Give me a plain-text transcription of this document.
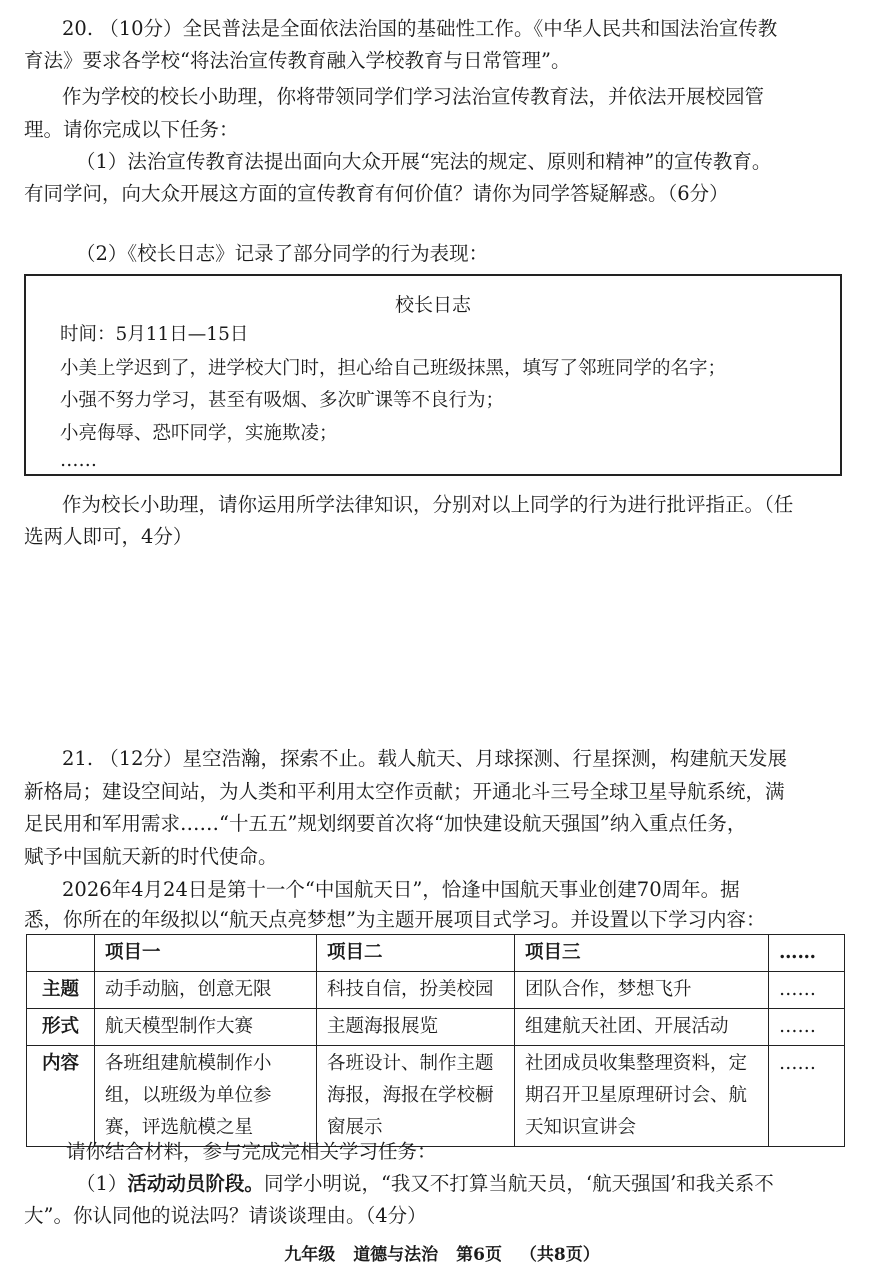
20. （10分）全民普法是全面依法治国的基础性工作。《中华人民共和国法治宣传教
育法》要求各学校“将法治宣传教育融入学校教育与日常管理”。
作为学校的校长小助理，你将带领同学们学习法治宣传教育法，并依法开展校园管
理。请你完成以下任务：
（1）法治宣传教育法提出面向大众开展“宪法的规定、原则和精神”的宣传教育。
有同学问，向大众开展这方面的宣传教育有何价值？请你为同学答疑解惑。（6分）
（2）《校长日志》记录了部分同学的行为表现：
校长日志
时间：5月11日—15日
小美上学迟到了，进学校大门时，担心给自己班级抹黑，填写了邻班同学的名字；
小强不努力学习，甚至有吸烟、多次旷课等不良行为；
小亮侮辱、恐吓同学，实施欺凌；
……
作为校长小助理，请你运用所学法律知识，分别对以上同学的行为进行批评指正。（任
选两人即可，4分）
21. （12分）星空浩瀚，探索不止。载人航天、月球探测、行星探测，构建航天发展
新格局；建设空间站，为人类和平利用太空作贡献；开通北斗三号全球卫星导航系统，满
足民用和军用需求……“十五五”规划纲要首次将“加快建设航天强国”纳入重点任务，
赋予中国航天新的时代使命。
2026年4月24日是第十一个“中国航天日”，恰逢中国航天事业创建70周年。据
悉，你所在的年级拟以“航天点亮梦想”为主题开展项目式学习。并设置以下学习内容：
	项目一	项目二	项目三	……
主题	动手动脑，创意无限	科技自信，扮美校园	团队合作，梦想飞升	……
形式	航天模型制作大赛	主题海报展览	组建航天社团、开展活动	……
内容	各班组建航模制作小组，以班级为单位参赛，评选航模之星	各班设计、制作主题海报，海报在学校橱窗展示	社团成员收集整理资料，定期召开卫星原理研讨会、航天知识宣讲会	……
请你结合材料，参与完成完相关学习任务：
（1）活动动员阶段。同学小明说，“我又不打算当航天员，‘航天强国’和我关系不
大”。你认同他的说法吗？请谈谈理由。（4分）
九年级 道德与法治 第6页 （共8页）
